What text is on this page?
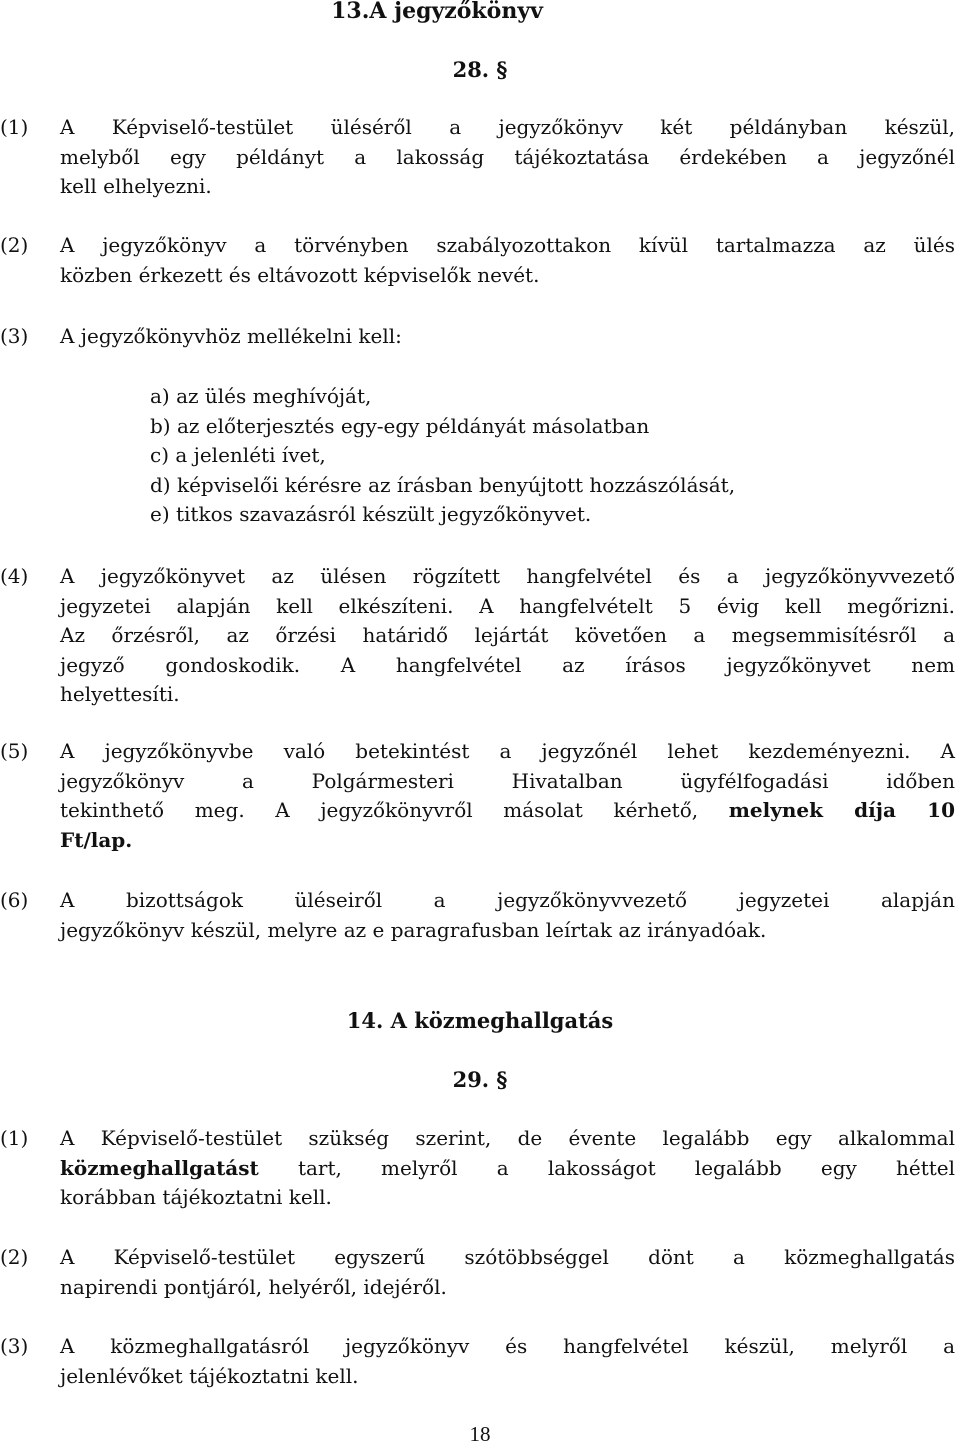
13.A jegyzőkönyv
28. §
(1) A Képviselő-testület üléséről a jegyzőkönyv két példányban készül,
melyből egy példányt a lakosság tájékoztatása érdekében a jegyzőnél
kell elhelyezni.
(2) A jegyzőkönyv a törvényben szabályozottakon kívül tartalmazza az ülés
közben érkezett és eltávozott képviselők nevét.
(3) A jegyzőkönyvhöz mellékelni kell:
a) az ülés meghívóját,
b) az előterjesztés egy-egy példányát másolatban
c) a jelenléti ívet,
d) képviselői kérésre az írásban benyújtott hozzászólását,
e) titkos szavazásról készült jegyzőkönyvet.
(4) A jegyzőkönyvet az ülésen rögzített hangfelvétel és a jegyzőkönyvvezető
jegyzetei alapján kell elkészíteni. A hangfelvételt 5 évig kell megőrizni.
Az őrzésről, az őrzési határidő lejártát követően a megsemmisítésről a
jegyző gondoskodik. A hangfelvétel az írásos jegyzőkönyvet nem
helyettesíti.
(5) A jegyzőkönyvbe való betekintést a jegyzőnél lehet kezdeményezni. A
jegyzőkönyv a Polgármesteri Hivatalban ügyfélfogadási időben
tekinthető meg. A jegyzőkönyvről másolat kérhető, melynek díja 10
Ft/lap.
(6) A bizottságok üléseiről a jegyzőkönyvvezető jegyzetei alapján
jegyzőkönyv készül, melyre az e paragrafusban leírtak az irányadóak.
14. A közmeghallgatás
29. §
(1) A Képviselő-testület szükség szerint, de évente legalább egy alkalommal
közmeghallgatást tart, melyről a lakosságot legalább egy héttel
korábban tájékoztatni kell.
(2) A Képviselő-testület egyszerű szótöbbséggel dönt a közmeghallgatás
napirendi pontjáról, helyéről, idejéről.
(3) A közmeghallgatásról jegyzőkönyv és hangfelvétel készül, melyről a
jelenlévőket tájékoztatni kell.
18
